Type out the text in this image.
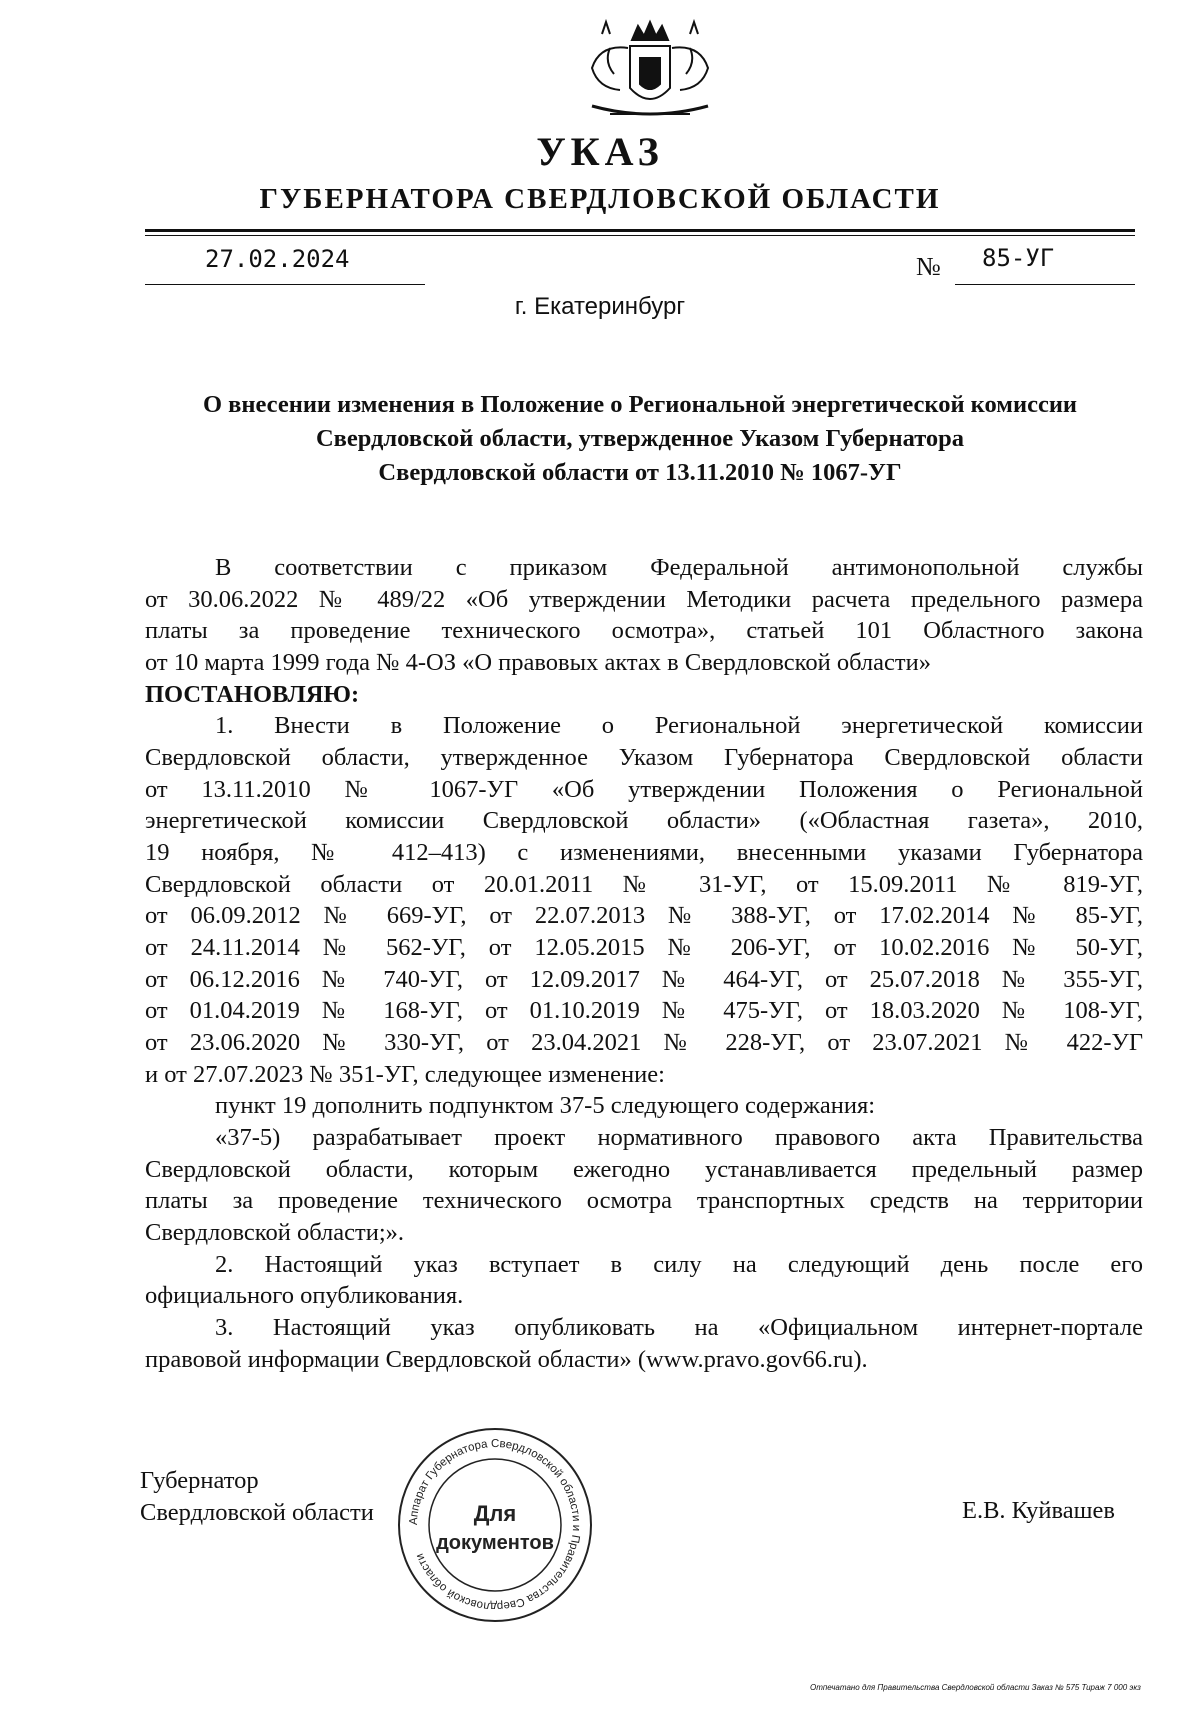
УКАЗ
ГУБЕРНАТОРА СВЕРДЛОВСКОЙ ОБЛАСТИ
27.02.2024	№ 85-УГ
г. Екатеринбург
О внесении изменения в Положение о Региональной энергетической комиссии
Свердловской области, утвержденное Указом Губернатора
Свердловской области от 13.11.2010 № 1067-УГ
В соответствии с приказом Федеральной антимонопольной службы
от 30.06.2022 № 489/22 «Об утверждении Методики расчета предельного размера
платы за проведение технического осмотра», статьей 101 Областного закона
от 10 марта 1999 года № 4-ОЗ «О правовых актах в Свердловской области»
ПОСТАНОВЛЯЮ:
1. Внести в Положение о Региональной энергетической комиссии
Свердловской области, утвержденное Указом Губернатора Свердловской области
от 13.11.2010 № 1067-УГ «Об утверждении Положения о Региональной
энергетической комиссии Свердловской области» («Областная газета», 2010,
19 ноября, № 412–413) с изменениями, внесенными указами Губернатора
Свердловской области от 20.01.2011 № 31-УГ, от 15.09.2011 № 819-УГ,
от 06.09.2012 № 669-УГ, от 22.07.2013 № 388-УГ, от 17.02.2014 № 85-УГ,
от 24.11.2014 № 562-УГ, от 12.05.2015 № 206-УГ, от 10.02.2016 № 50-УГ,
от 06.12.2016 № 740-УГ, от 12.09.2017 № 464-УГ, от 25.07.2018 № 355-УГ,
от 01.04.2019 № 168-УГ, от 01.10.2019 № 475-УГ, от 18.03.2020 № 108-УГ,
от 23.06.2020 № 330-УГ, от 23.04.2021 № 228-УГ, от 23.07.2021 № 422-УГ
и от 27.07.2023 № 351-УГ, следующее изменение:
пункт 19 дополнить подпунктом 37-5 следующего содержания:
«37-5) разрабатывает проект нормативного правового акта Правительства
Свердловской области, которым ежегодно устанавливается предельный размер
платы за проведение технического осмотра транспортных средств на территории
Свердловской области;».
2. Настоящий указ вступает в силу на следующий день после его
официального опубликования.
3. Настоящий указ опубликовать на «Официальном интернет-портале
правовой информации Свердловской области» (www.pravo.gov66.ru).
Аппарат Губернатора Свердловской области и Правительства Свердловской области
Для
документов
Губернатор
Свердловской области	Е.В. Куйвашев
Отпечатано для Правительства Свердловской области Заказ № 575 Тираж 7 000 экз
